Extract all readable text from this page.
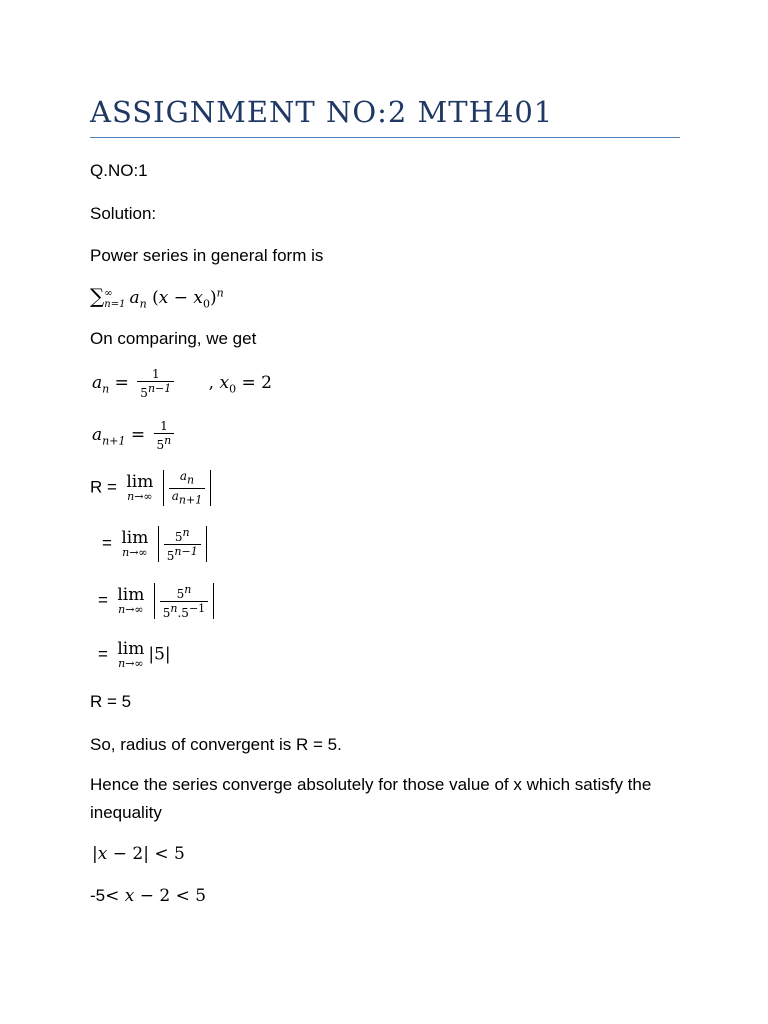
ASSIGNMENT NO:2 MTH401
Q.NO:1
Solution:
Power series in general form is
∑ ∞
n=1 $a_n$ $(x - x_0)^n$
On comparing, we get
$a_n = \frac{1}{5^{n-1}}$ , $x_0 = 2$
$a_{n+1} = \frac{1}{5^n}$
R = lim
n→∞
$\frac{a_n}{a_{n+1}}$
= lim
n→∞
$\frac{5^n}{5^{n-1}}$
= lim
n→∞
$\frac{5^n}{5^n.5^{-1}}$
= lim
n→∞ |5|
R = 5
So, radius of convergent is R = 5.
Hence the series converge absolutely for those value of x which satisfy the inequality
|x − 2| < 5
-5< x − 2 < 5
